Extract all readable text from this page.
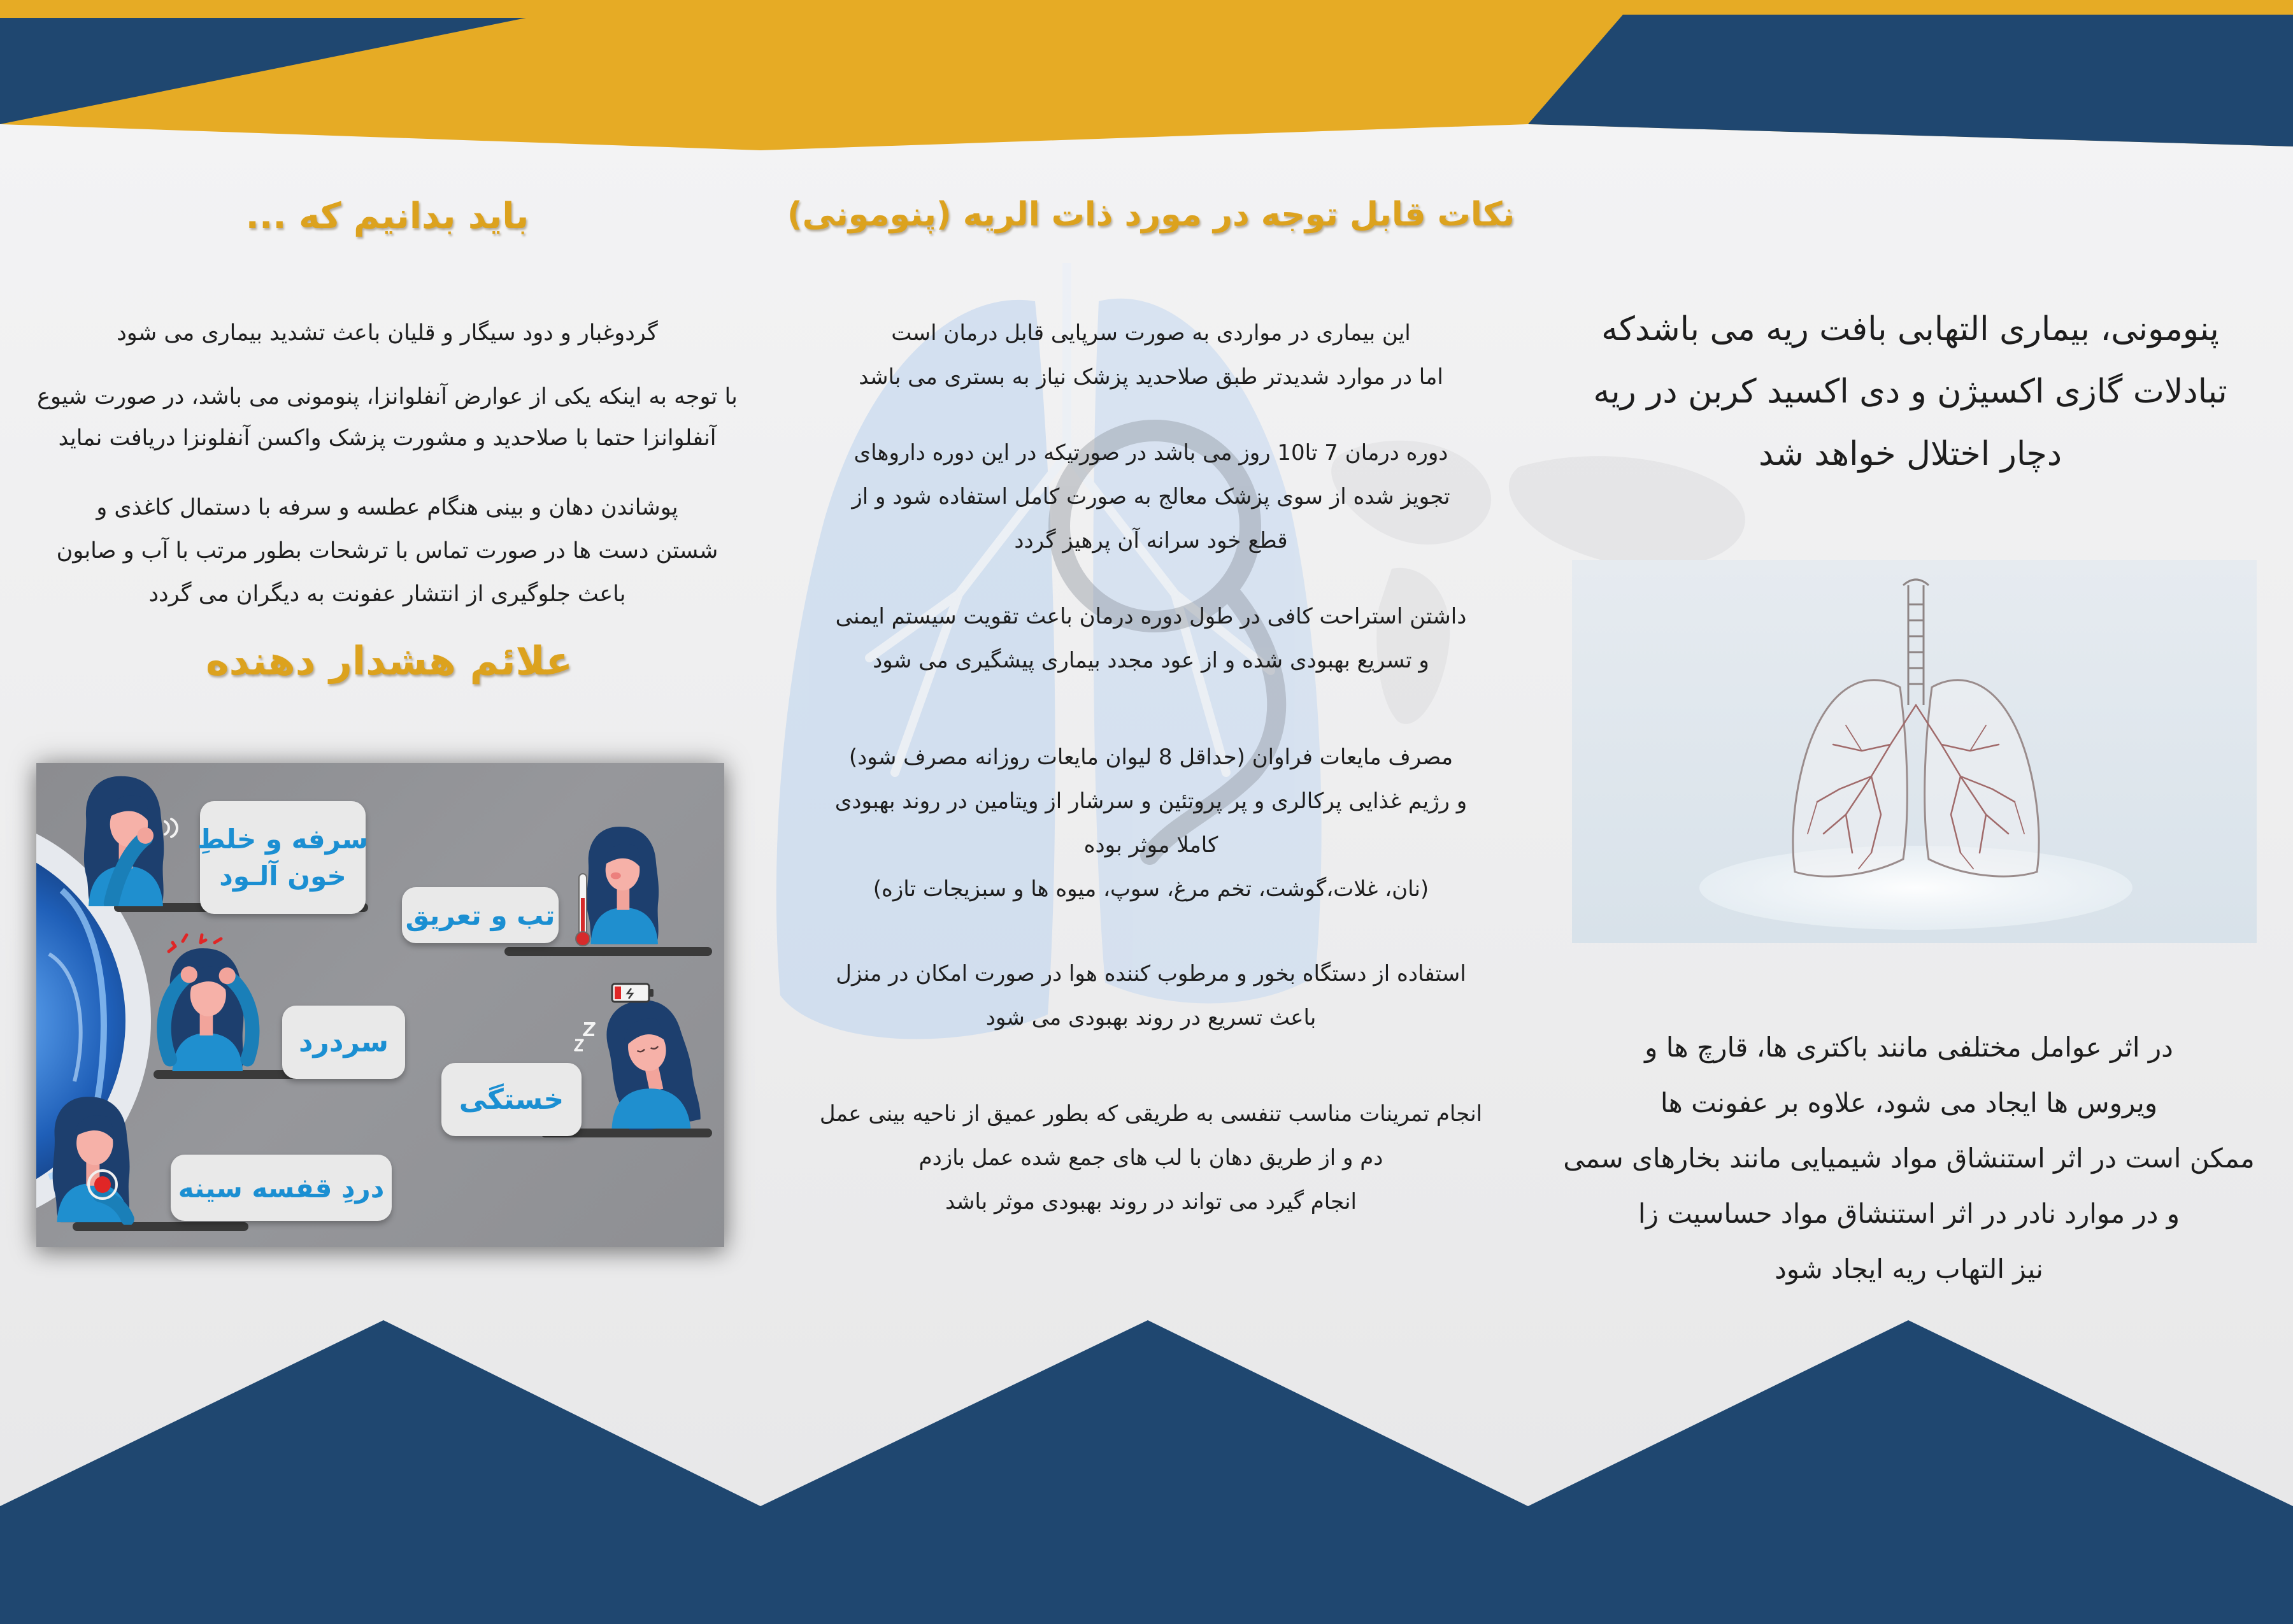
باید بدانیم که ...
گردوغبار و دود سیگار و قلیان باعث تشدید بیماری می شود
با توجه به اینکه یکی از عوارض آنفلوانزا، پنومونی می باشد، در صورت شیوع
آنفلوانزا حتما با صلاحدید و مشورت پزشک واکسن آنفلونزا دریافت نماید
پوشاندن دهان و بینی هنگام عطسه و سرفه با دستمال کاغذی و
شستن دست ها در صورت تماس با ترشحات بطور مرتب با آب و صابون
باعث جلوگیری از انتشار عفونت به دیگران می گردد
علائم هشدار دهنده
سرفه و خلطِ
خون آلـود
تب و تعریق
سردرد
خستگی
دردِ قفسه سینه
نکات قابل توجه در مورد ذات الریه (پنومونی)
این بیماری در مواردی به صورت سرپایی قابل درمان است
اما در موارد شدیدتر طبق صلاحدید پزشک نیاز به بستری می باشد
دوره درمان 7 تا10 روز می باشد در صورتیکه در این دوره داروهای
تجویز شده از سوی پزشک معالج به صورت کامل استفاده شود و از
قطع خود سرانه آن پرهیز گردد
داشتن استراحت کافی در طول دوره درمان باعث تقویت سیستم ایمنی
و تسریع بهبودی شده و از عود مجدد بیماری پیشگیری می شود
مصرف مایعات فراوان (حداقل 8 لیوان مایعات روزانه مصرف شود)
و رژیم غذایی پرکالری و پر پروتئین و سرشار از ویتامین در روند بهبودی
کاملا موثر بوده
(نان، غلات،گوشت، تخم مرغ، سوپ، میوه ها و سبزیجات تازه)
استفاده از دستگاه بخور و مرطوب کننده هوا در صورت امکان در منزل
باعث تسریع در روند بهبودی می شود
انجام تمرینات مناسب تنفسی به طریقی که بطور عمیق از ناحیه بینی عمل
دم و از طریق دهان با لب های جمع شده عمل بازدم
انجام گیرد می تواند در روند بهبودی موثر باشد
پنومونی، بیماری التهابی بافت ریه می باشدکه
تبادلات گازی اکسیژن و دی اکسید کربن در ریه
دچار اختلال خواهد شد
در اثر عوامل مختلفی مانند باکتری ها، قارچ ها و
ویروس ها ایجاد می شود، علاوه بر عفونت ها
ممکن است در اثر استنشاق مواد شیمیایی مانند بخارهای سمی
و در موارد نادر در اثر استنشاق مواد حساسیت زا
نیز التهاب ریه ایجاد شود
